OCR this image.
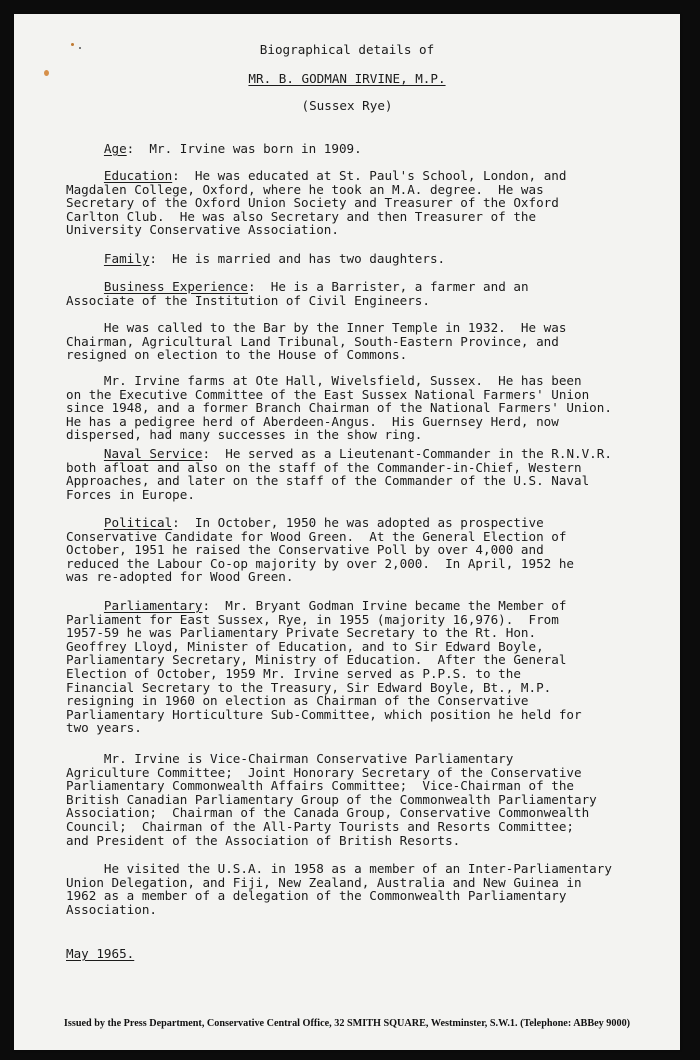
Biographical details of
MR. B. GODMAN IRVINE, M.P.
(Sussex Rye)
Age:  Mr. Irvine was born in 1909.
Education:  He was educated at St. Paul's School, London, and
Magdalen College, Oxford, where he took an M.A. degree.  He was
Secretary of the Oxford Union Society and Treasurer of the Oxford
Carlton Club.  He was also Secretary and then Treasurer of the
University Conservative Association.
Family:  He is married and has two daughters.
Business Experience:  He is a Barrister, a farmer and an
Associate of the Institution of Civil Engineers.
He was called to the Bar by the Inner Temple in 1932.  He was
Chairman, Agricultural Land Tribunal, South-Eastern Province, and
resigned on election to the House of Commons.
Mr. Irvine farms at Ote Hall, Wivelsfield, Sussex.  He has been
on the Executive Committee of the East Sussex National Farmers' Union
since 1948, and a former Branch Chairman of the National Farmers' Union.
He has a pedigree herd of Aberdeen-Angus.  His Guernsey Herd, now
dispersed, had many successes in the show ring.
Naval Service:  He served as a Lieutenant-Commander in the R.N.V.R.
both afloat and also on the staff of the Commander-in-Chief, Western
Approaches, and later on the staff of the Commander of the U.S. Naval
Forces in Europe.
Political:  In October, 1950 he was adopted as prospective
Conservative Candidate for Wood Green.  At the General Election of
October, 1951 he raised the Conservative Poll by over 4,000 and
reduced the Labour Co-op majority by over 2,000.  In April, 1952 he
was re-adopted for Wood Green.
Parliamentary:  Mr. Bryant Godman Irvine became the Member of
Parliament for East Sussex, Rye, in 1955 (majority 16,976).  From
1957-59 he was Parliamentary Private Secretary to the Rt. Hon.
Geoffrey Lloyd, Minister of Education, and to Sir Edward Boyle,
Parliamentary Secretary, Ministry of Education.  After the General
Election of October, 1959 Mr. Irvine served as P.P.S. to the
Financial Secretary to the Treasury, Sir Edward Boyle, Bt., M.P.
resigning in 1960 on election as Chairman of the Conservative
Parliamentary Horticulture Sub-Committee, which position he held for
two years.
Mr. Irvine is Vice-Chairman Conservative Parliamentary
Agriculture Committee;  Joint Honorary Secretary of the Conservative
Parliamentary Commonwealth Affairs Committee;  Vice-Chairman of the
British Canadian Parliamentary Group of the Commonwealth Parliamentary
Association;  Chairman of the Canada Group, Conservative Commonwealth
Council;  Chairman of the All-Party Tourists and Resorts Committee;
and President of the Association of British Resorts.
He visited the U.S.A. in 1958 as a member of an Inter-Parliamentary
Union Delegation, and Fiji, New Zealand, Australia and New Guinea in
1962 as a member of a delegation of the Commonwealth Parliamentary
Association.
May 1965.
Issued by the Press Department, Conservative Central Office, 32 SMITH SQUARE, Westminster, S.W.1. (Telephone: ABBey 9000)
